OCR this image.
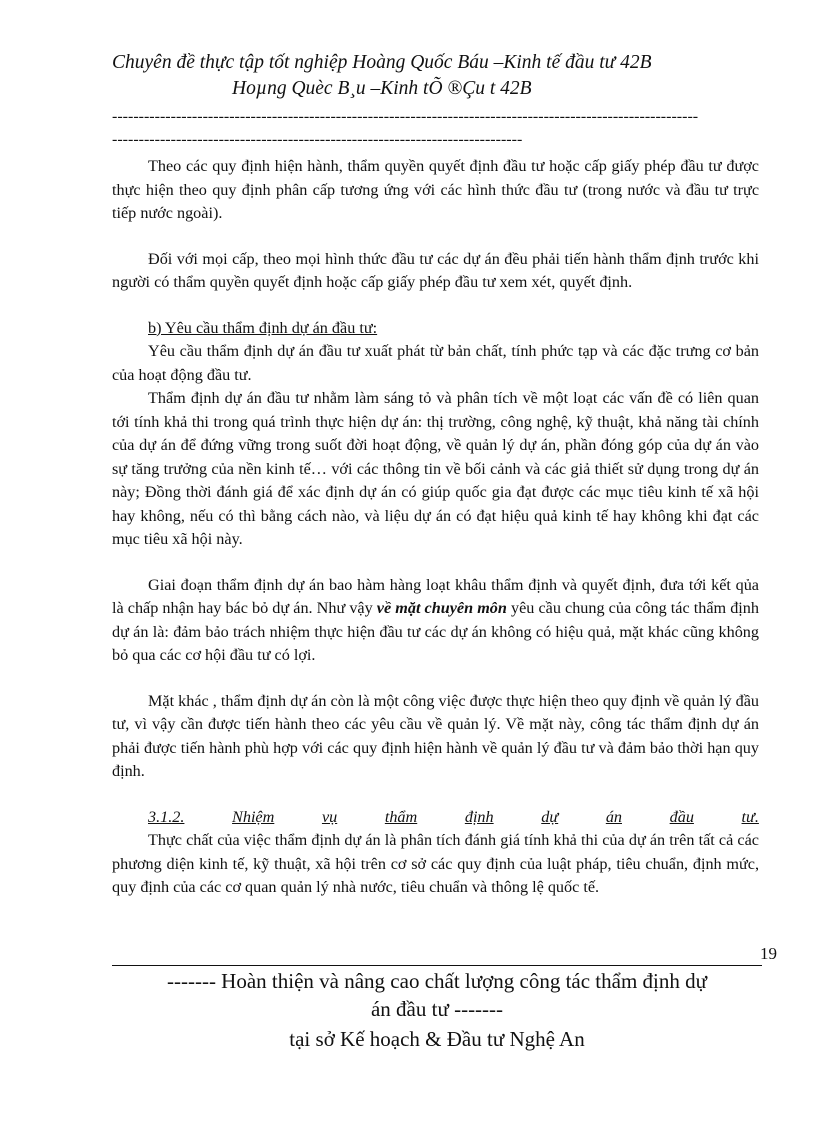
Chuyên đề thực tập tốt nghiệp Hoàng Quốc Báu –Kinh tế đầu tư 42B
Hoµng Quèc B¸u –Kinh tÕ ®Çu t 42B
--------------------------------------------------------------------------------------------------------------
-----------------------------------------------------------------------------

Theo các quy định hiện hành, thẩm quyền quyết định đầu tư hoặc cấp giấy phép đầu tư được thực hiện theo quy định phân cấp tương ứng với các hình thức đầu tư (trong nước và đầu tư trực tiếp nước ngoài).

Đối với mọi cấp, theo mọi hình thức đầu tư các dự án đều phải tiến hành thẩm định trước khi người có thẩm quyền quyết định hoặc cấp giấy phép đầu tư xem xét, quyết định.

b) Yêu cầu thẩm định dự án đầu tư:

Yêu cầu thẩm định dự án đầu tư xuất phát từ bản chất, tính phức tạp và các đặc trưng cơ bản của hoạt động đầu tư.

Thẩm định dự án đầu tư nhằm làm sáng tỏ và phân tích về một loạt các vấn đề có liên quan tới tính khả thi trong quá trình thực hiện dự án: thị trường, công nghệ, kỹ thuật, khả năng tài chính của dự án để đứng vững trong suốt đời hoạt động, về quản lý dự án, phần đóng góp của dự án vào sự tăng trưởng của nền kinh tế… với các thông tin về bối cảnh và các giả thiết sử dụng trong dự án này; Đồng thời đánh giá để xác định dự án có giúp quốc gia đạt được các mục tiêu kinh tế xã hội hay không, nếu có thì bằng cách nào, và liệu dự án có đạt hiệu quả kinh tế hay không khi đạt các mục tiêu xã hội này.

Giai đoạn thẩm định dự án bao hàm hàng loạt khâu thẩm định và quyết định, đưa tới kết qủa là chấp nhận hay bác bỏ dự án. Như vậy về mặt chuyên môn yêu cầu chung của công tác thẩm định dự án là: đảm bảo trách nhiệm thực hiện đầu tư các dự án không có hiệu quả, mặt khác cũng không bỏ qua các cơ hội đầu tư có lợi.

Mặt khác , thẩm định dự án còn là một công việc được thực hiện theo quy định về quản lý đầu tư, vì vậy cần được tiến hành theo các yêu cầu về quản lý. Về mặt này, công tác thẩm định dự án phải được tiến hành phù hợp với các quy định hiện hành về quản lý đầu tư và đảm bảo thời hạn quy định.

3.1.2.	Nhiệm	vụ	thẩm	định	dự	án	đầu	tư.

Thực chất của việc thẩm định dự án là phân tích đánh giá tính khả thi của dự án trên tất cả các phương diện kinh tế, kỹ thuật, xã hội trên cơ sở các quy định của luật pháp, tiêu chuẩn, định mức, quy định của các cơ quan quản lý nhà nước, tiêu chuẩn và thông lệ quốc tế.

19
------- Hoàn thiện và nâng cao chất lượng công tác thẩm định dự
án đầu tư -------
tại sở Kế hoạch & Đầu tư Nghệ An
